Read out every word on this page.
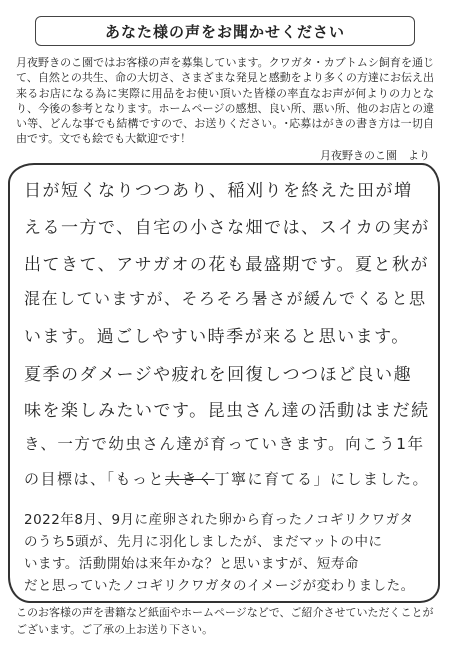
あなた様の声をお聞かせください
月夜野きのこ園ではお客様の声を募集しています。クワガタ・カブトムシ飼育を通じて、自然との共生、命の大切さ、さまざまな発見と感動をより多くの方達にお伝え出来るお店になる為に実際に用品をお使い頂いた皆様の率直なお声が何よりの力となり、今後の参考となります。ホームページの感想、良い所、悪い所、他のお店との違い等、どんな事でも結構ですので、お送りください。･応募はがきの書き方は一切自由です。文でも絵でも大歓迎です！
月夜野きのこ園　より
日が短くなりつつあり、稲刈りを終えた田が増
える一方で、自宅の小さな畑では、スイカの実が
出てきて、アサガオの花も最盛期です。夏と秋が
混在していますが、そろそろ暑さが緩んでくると思
います。過ごしやすい時季が来ると思います。
夏季のダメージや疲れを回復しつつほど良い趣
味を楽しみたいです。昆虫さん達の活動はまだ続
き、一方で幼虫さん達が育っていきます。向こう1年
の目標は、「もっと大きく丁寧に育てる」にしました。
2022年8月、9月に産卵された卵から育ったノコギリクワガタ
のうち5頭が、先月に羽化しましたが、まだマットの中に
います。活動開始は来年かな？と思いますが、短寿命
だと思っていたノコギリクワガタのイメージが変わりました。
このお客様の声を書籍など紙面やホームページなどで、ご紹介させていただくことがございます。ご了承の上お送り下さい。
